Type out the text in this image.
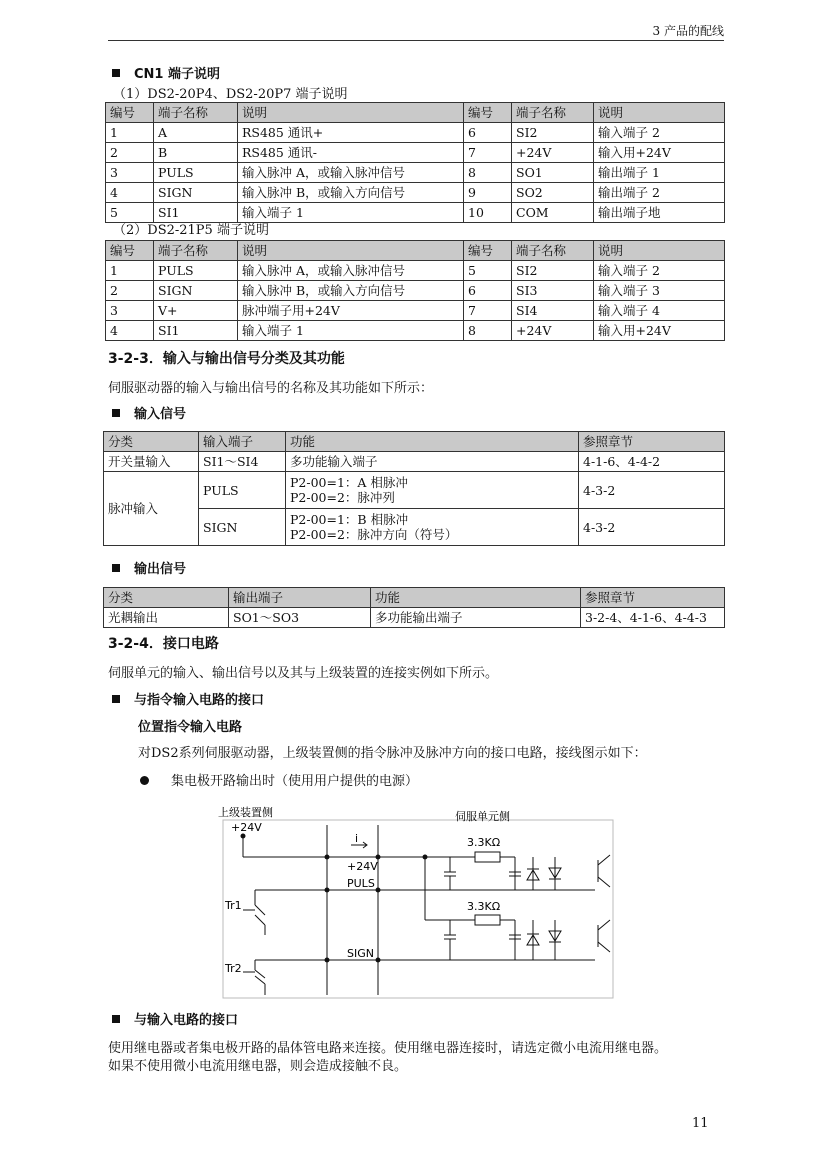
3 产品的配线
CN1 端子说明
（1）DS2-20P4、DS2-20P7 端子说明
编号	端子名称	说明	编号	端子名称	说明
1	A	RS485 通讯+	6	SI2	输入端子 2
2	B	RS485 通讯-	7	+24V	输入用+24V
3	PULS	输入脉冲 A，或输入脉冲信号	8	SO1	输出端子 1
4	SIGN	输入脉冲 B，或输入方向信号	9	SO2	输出端子 2
5	SI1	输入端子 1	10	COM	输出端子地
（2）DS2-21P5 端子说明
编号	端子名称	说明	编号	端子名称	说明
1	PULS	输入脉冲 A，或输入脉冲信号	5	SI2	输入端子 2
2	SIGN	输入脉冲 B，或输入方向信号	6	SI3	输入端子 3
3	V+	脉冲端子用+24V	7	SI4	输入端子 4
4	SI1	输入端子 1	8	+24V	输入用+24V
3-2-3．输入与输出信号分类及其功能
伺服驱动器的输入与输出信号的名称及其功能如下所示：
输入信号
分类	输入端子	功能	参照章节
开关量输入	SI1～SI4	多功能输入端子	4-1-6、4-4-2
脉冲输入	PULS	P2-00=1：A 相脉冲
P2-00=2：脉冲列	4-3-2
	SIGN	P2-00=1：B 相脉冲
P2-00=2：脉冲方向（符号）	4-3-2
输出信号
分类	输出端子	功能	参照章节
光耦输出	SO1～SO3	多功能输出端子	3-2-4、4-1-6、4-4-3
3-2-4．接口电路
伺服单元的输入、输出信号以及其与上级装置的连接实例如下所示。
与指令输入电路的接口
位置指令输入电路
对DS2系列伺服驱动器，上级装置侧的指令脉冲及脉冲方向的接口电路，接线图示如下：
集电极开路输出时（使用用户提供的电源）
上级装置侧
+24V
伺服单元侧
i
+24V
PULS
SIGN
3.3KΩ
3.3KΩ
Tr1
Tr2
与输入电路的接口
使用继电器或者集电极开路的晶体管电路来连接。使用继电器连接时，请选定微小电流用继电器。
如果不使用微小电流用继电器，则会造成接触不良。
11
